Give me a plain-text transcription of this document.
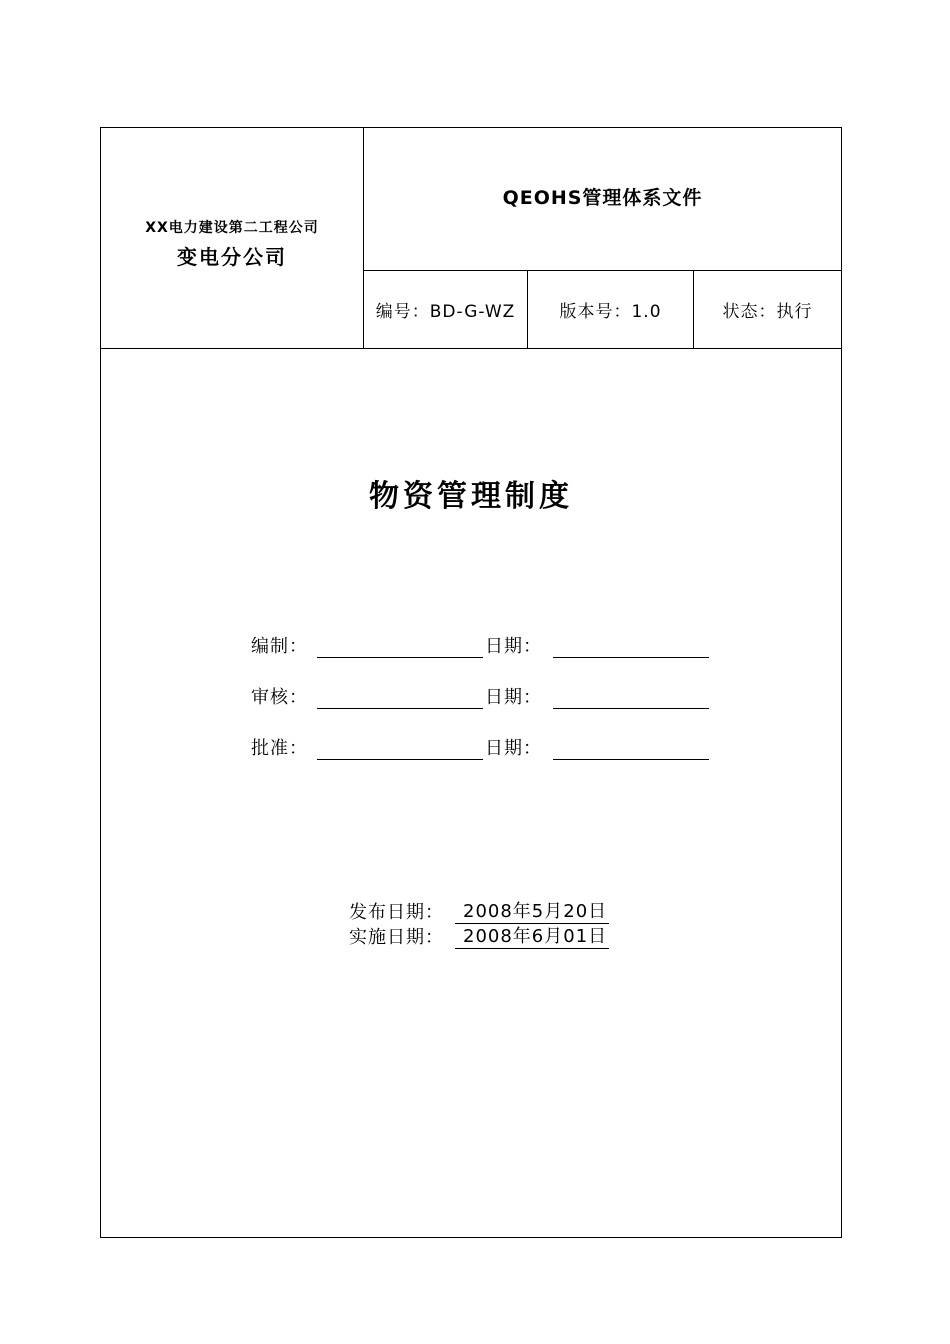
XX电力建设第二工程公司
变电分公司
QEOHS管理体系文件
编号：BD-G-WZ	版本号：1.0	状态：执行
物资管理制度
编制：	日期：
审核：	日期：
批准：	日期：
发布日期：	2008年5月20日
实施日期：	2008年6月01日
